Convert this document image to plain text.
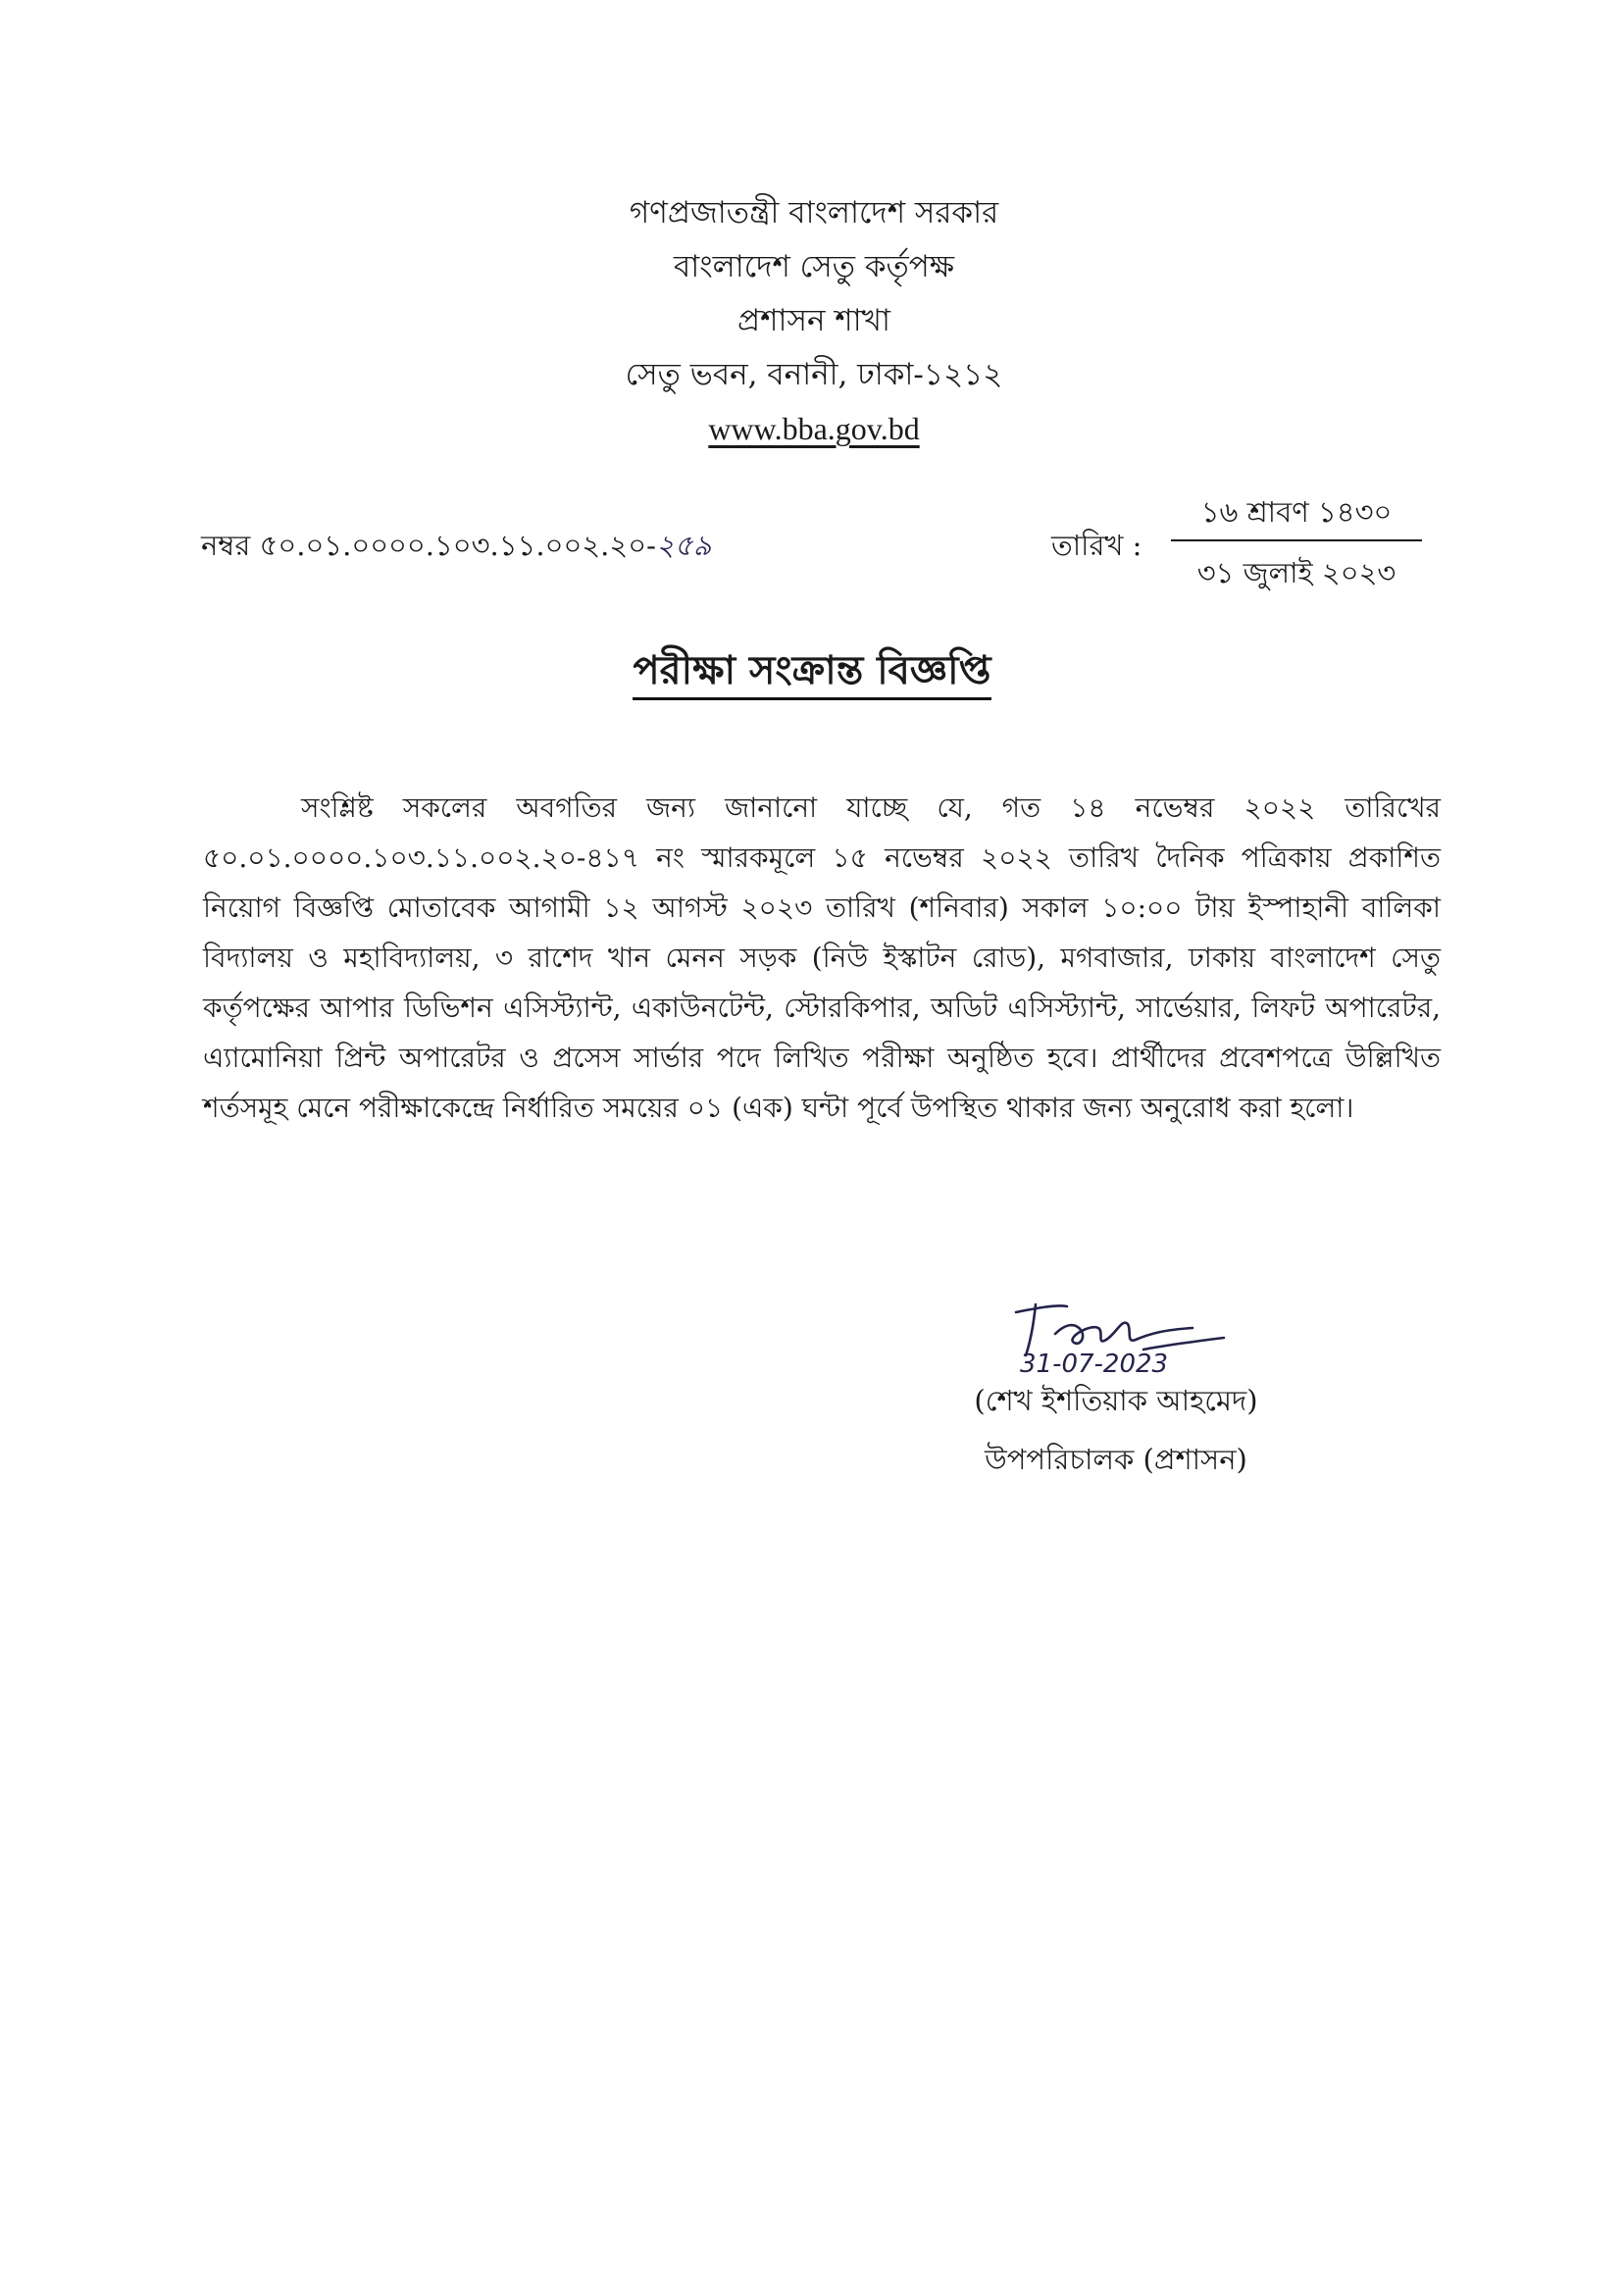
গণপ্রজাতন্ত্রী বাংলাদেশ সরকার
বাংলাদেশ সেতু কর্তৃপক্ষ
প্রশাসন শাখা
সেতু ভবন, বনানী, ঢাকা-১২১২
www.bba.gov.bd
নম্বর ৫০.০১.০০০০.১০৩.১১.০০২.২০-২৫৯	তারিখ :
১৬ শ্রাবণ ১৪৩০
৩১ জুলাই ২০২৩
পরীক্ষা সংক্রান্ত বিজ্ঞপ্তি

সংশ্লিষ্ট সকলের অবগতির জন্য জানানো যাচ্ছে যে, গত ১৪ নভেম্বর ২০২২ তারিখের ৫০.০১.০০০০.১০৩.১১.০০২.২০-৪১৭ নং স্মারকমূলে ১৫ নভেম্বর ২০২২ তারিখ দৈনিক পত্রিকায় প্রকাশিত নিয়োগ বিজ্ঞপ্তি মোতাবেক আগামী ১২ আগস্ট ২০২৩ তারিখ (শনিবার) সকাল ১০:০০ টায় ইস্পাহানী বালিকা বিদ্যালয় ও মহাবিদ্যালয়, ৩ রাশেদ খান মেনন সড়ক (নিউ ইস্কাটন রোড), মগবাজার, ঢাকায় বাংলাদেশ সেতু কর্তৃপক্ষের আপার ডিভিশন এসিস্ট্যান্ট, একাউনটেন্ট, স্টোরকিপার, অডিট এসিস্ট্যান্ট, সার্ভেয়ার, লিফট অপারেটর, এ্যামোনিয়া প্রিন্ট অপারেটর ও প্রসেস সার্ভার পদে লিখিত পরীক্ষা অনুষ্ঠিত হবে। প্রার্থীদের প্রবেশপত্রে উল্লিখিত শর্তসমূহ মেনে পরীক্ষাকেন্দ্রে নির্ধারিত সময়ের ০১ (এক) ঘন্টা পূর্বে উপস্থিত থাকার জন্য অনুরোধ করা হলো।

31-07-2023
(শেখ ইশতিয়াক আহমেদ)
উপপরিচালক (প্রশাসন)
